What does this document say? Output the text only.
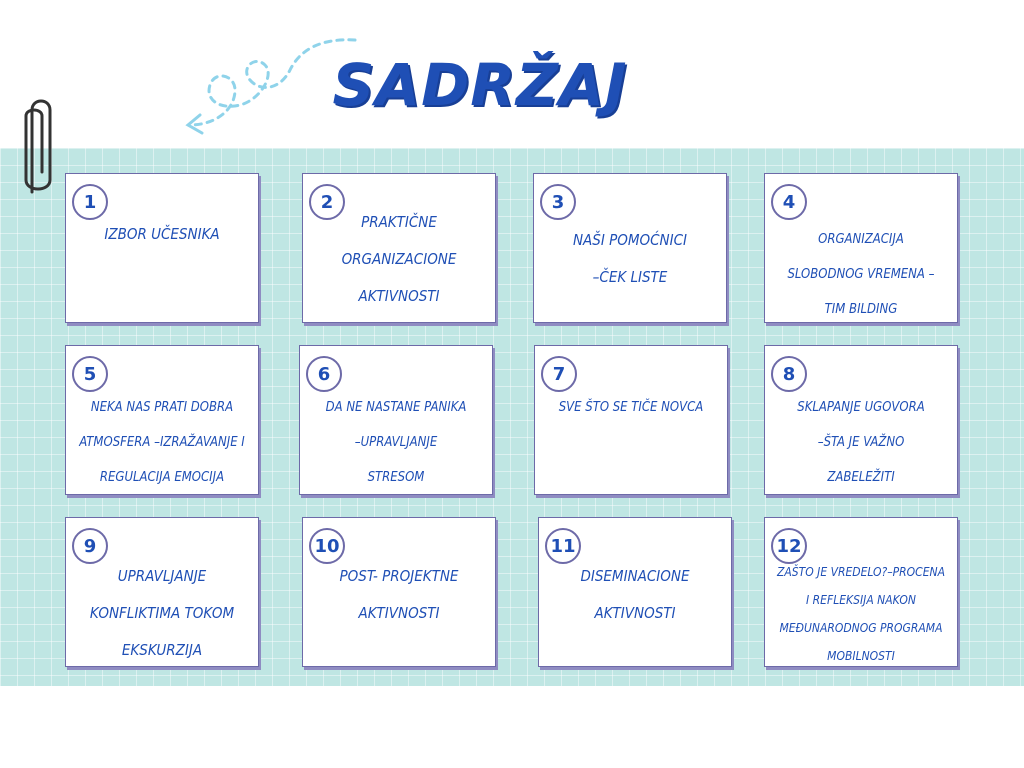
SADRŽAJ
1
IZBOR UČESNIKA
2
PRAKTIČNE
ORGANIZACIONE
AKTIVNOSTI
3
NAŠI POMOĆNICI
–ČEK LISTE
4
ORGANIZACIJA
SLOBODNOG VREMENA –
TIM BILDING
5
NEKA NAS PRATI DOBRA
ATMOSFERA –IZRAŽAVANJE I
REGULACIJA EMOCIJA
6
DA NE NASTANE PANIKA
–UPRAVLJANJE
STRESOM
7
SVE ŠTO SE TIČE NOVCA
8
SKLAPANJE UGOVORA
–ŠTA JE VAŽNO
ZABELEŽITI
9
UPRAVLJANJE
KONFLIKTIMA TOKOM
EKSKURZIJA
10
POST- PROJEKTNE
AKTIVNOSTI
11
DISEMINACIONE
AKTIVNOSTI
12
ZAŠTO JE VREDELO?–PROCENA
I REFLEKSIJA NAKON
MEĐUNARODNOG PROGRAMA
MOBILNOSTI
